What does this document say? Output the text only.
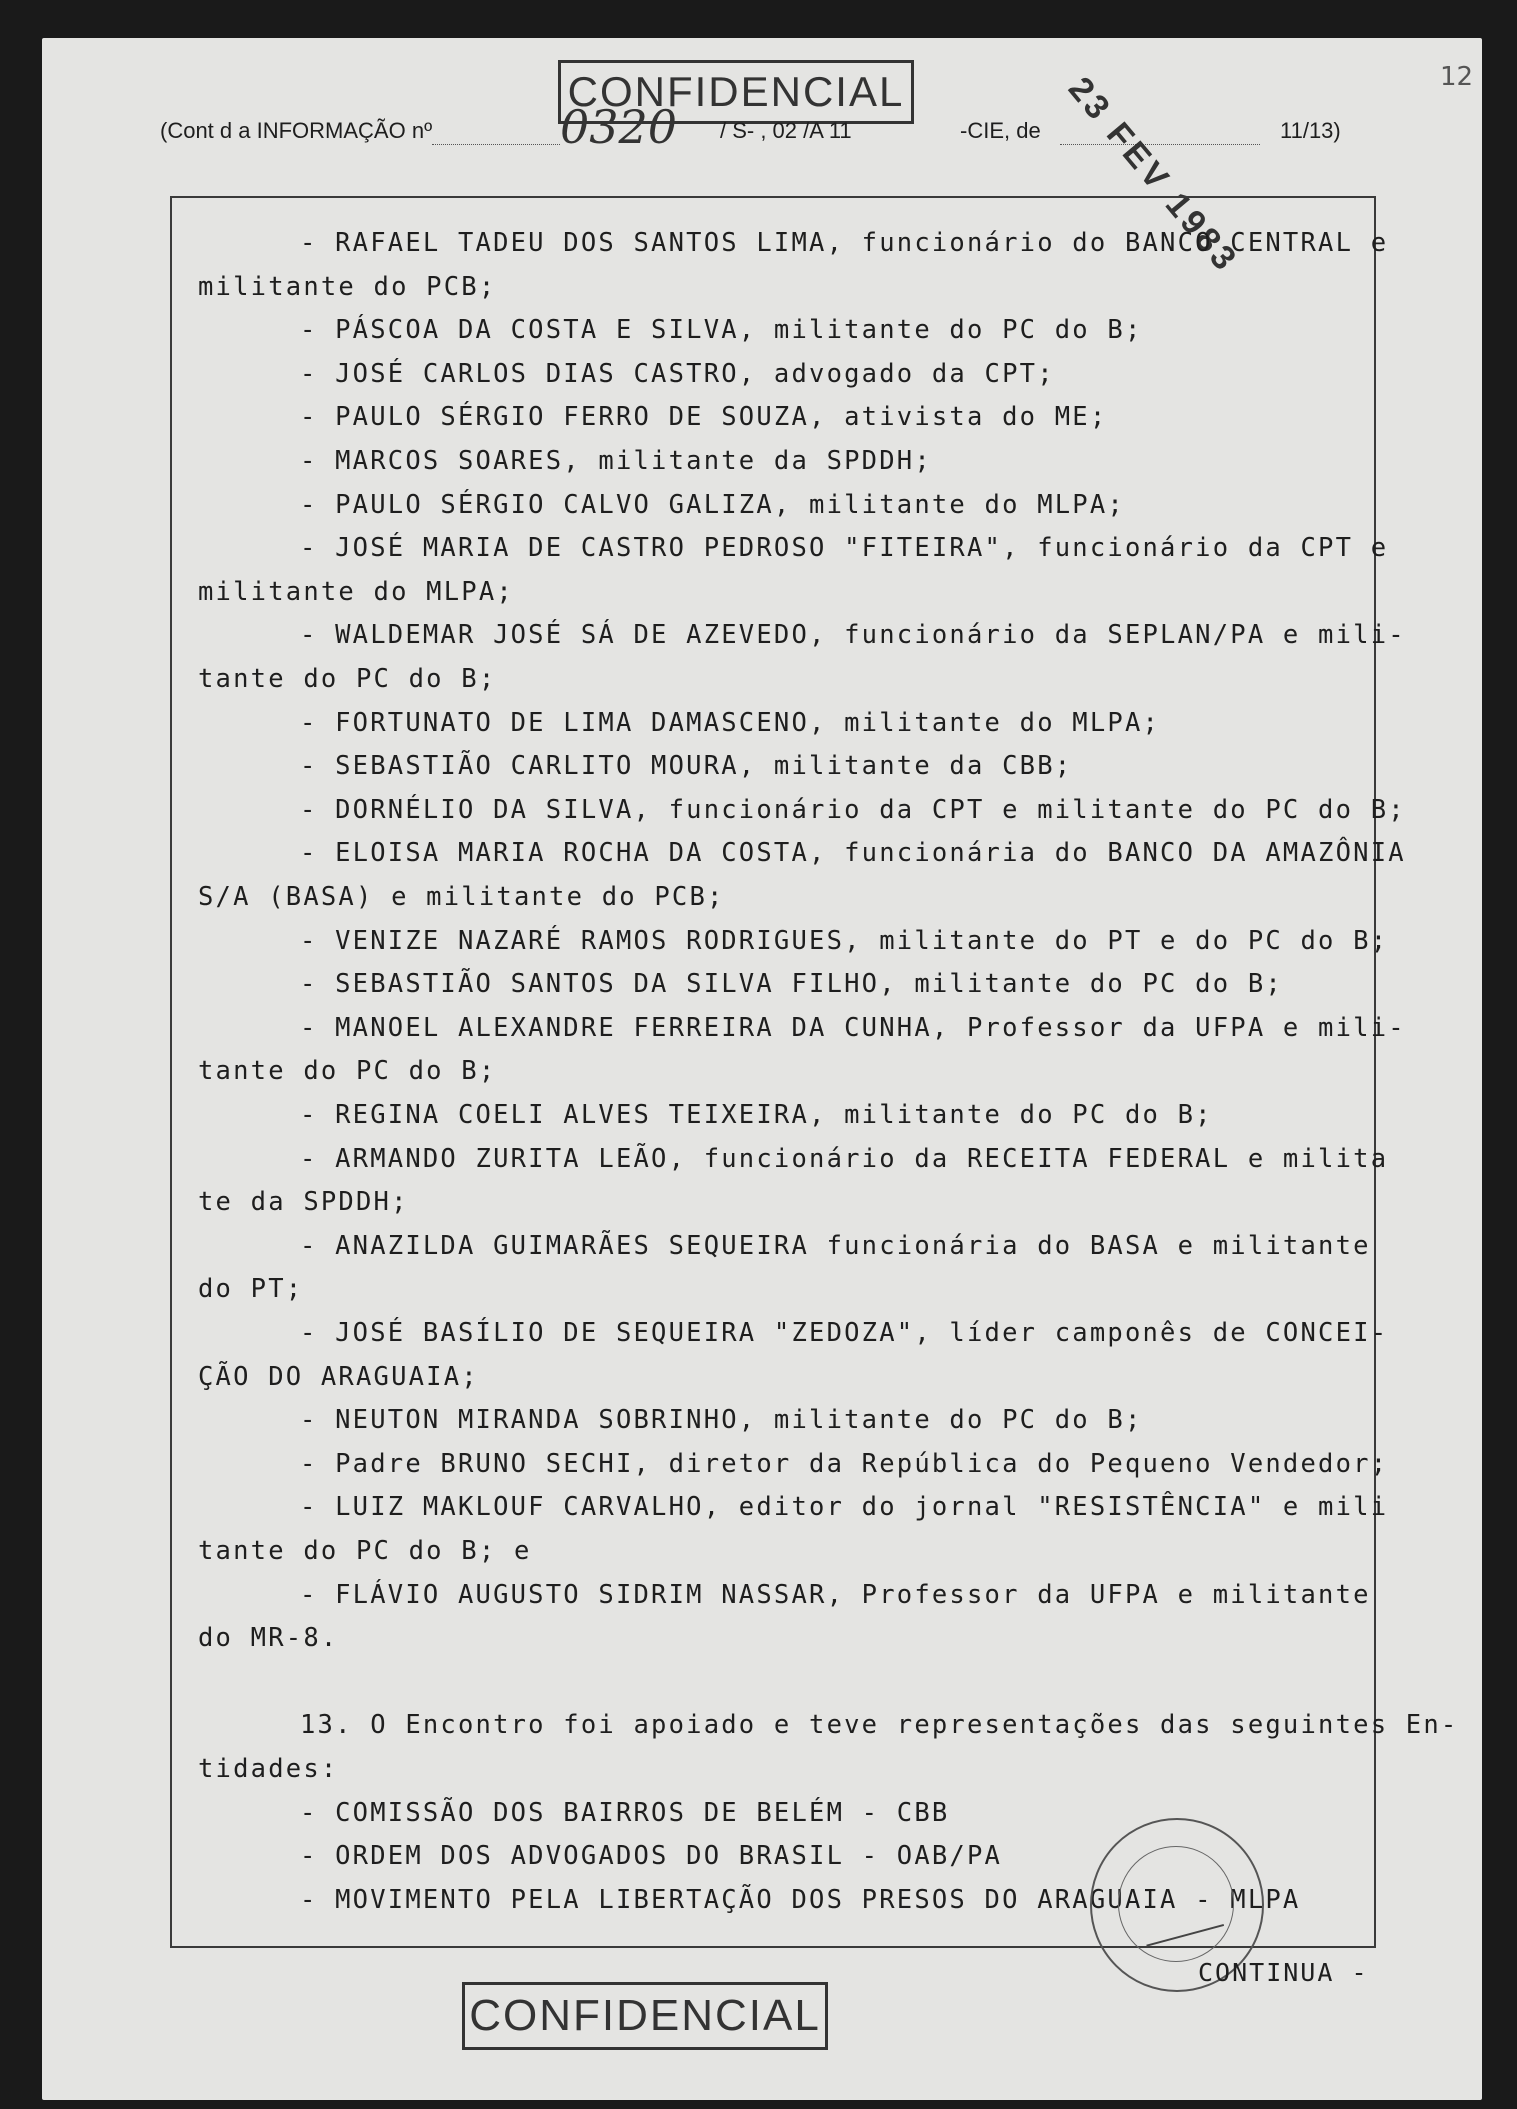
12
CONFIDENCIAL
(Cont d a INFORMAÇÃO nº	0320 / S- , 02 /A 11	-CIE, de	11/13)
23 FEV 1983
- RAFAEL TADEU DOS SANTOS LIMA, funcionário do BANCO CENTRAL e
militante do PCB;
- PÁSCOA DA COSTA E SILVA, militante do PC do B;
- JOSÉ CARLOS DIAS CASTRO, advogado da CPT;
- PAULO SÉRGIO FERRO DE SOUZA, ativista do ME;
- MARCOS SOARES, militante da SPDDH;
- PAULO SÉRGIO CALVO GALIZA, militante do MLPA;
- JOSÉ MARIA DE CASTRO PEDROSO "FITEIRA", funcionário da CPT e
militante do MLPA;
- WALDEMAR JOSÉ SÁ DE AZEVEDO, funcionário da SEPLAN/PA e mili-
tante do PC do B;
- FORTUNATO DE LIMA DAMASCENO, militante do MLPA;
- SEBASTIÃO CARLITO MOURA, militante da CBB;
- DORNÉLIO DA SILVA, funcionário da CPT e militante do PC do B;
- ELOISA MARIA ROCHA DA COSTA, funcionária do BANCO DA AMAZÔNIA
S/A (BASA) e militante do PCB;
- VENIZE NAZARÉ RAMOS RODRIGUES, militante do PT e do PC do B;
- SEBASTIÃO SANTOS DA SILVA FILHO, militante do PC do B;
- MANOEL ALEXANDRE FERREIRA DA CUNHA, Professor da UFPA e mili-
tante do PC do B;
- REGINA COELI ALVES TEIXEIRA, militante do PC do B;
- ARMANDO ZURITA LEÃO, funcionário da RECEITA FEDERAL e milita
te da SPDDH;
- ANAZILDA GUIMARÃES SEQUEIRA funcionária do BASA e militante
do PT;
- JOSÉ BASÍLIO DE SEQUEIRA "ZEDOZA", líder camponês de CONCEI-
ÇÃO DO ARAGUAIA;
- NEUTON MIRANDA SOBRINHO, militante do PC do B;
- Padre BRUNO SECHI, diretor da República do Pequeno Vendedor;
- LUIZ MAKLOUF CARVALHO, editor do jornal "RESISTÊNCIA" e mili
tante do PC do B; e
- FLÁVIO AUGUSTO SIDRIM NASSAR, Professor da UFPA e militante
do MR-8.
13. O Encontro foi apoiado e teve representações das seguintes En-
tidades:
- COMISSÃO DOS BAIRROS DE BELÉM - CBB
- ORDEM DOS ADVOGADOS DO BRASIL - OAB/PA
- MOVIMENTO PELA LIBERTAÇÃO DOS PRESOS DO ARAGUAIA - MLPA
CONTINUA -
CONFIDENCIAL
